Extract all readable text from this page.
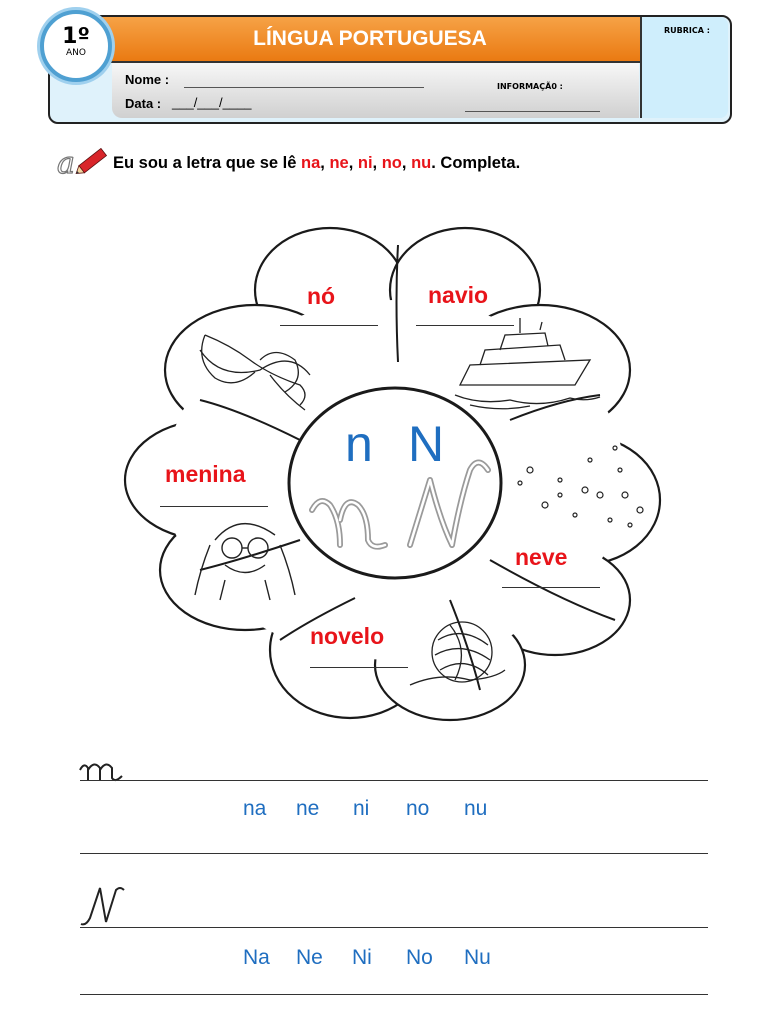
LÍNGUA PORTUGUESA	RUBRICA :
1º
ANO
Nome :
Data : ___/___/____
INFORMAÇÃ0 :
a Eu sou a letra que se lê na, ne, ni, no, nu. Completa.
nó	navio
menina
neve
novelo
n N
na ne ni no nu
Na Ne Ni No Nu
